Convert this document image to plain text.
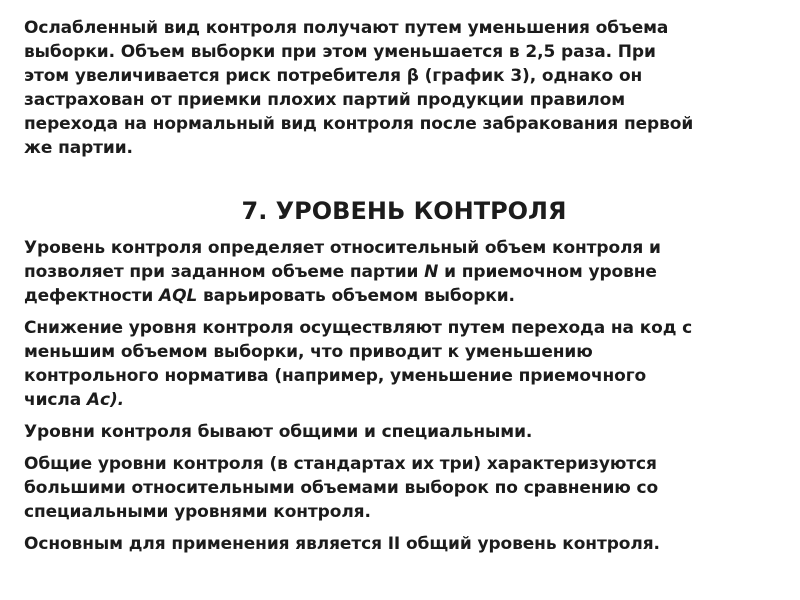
Ослабленный вид контроля получают путем уменьшения объема
выборки. Объем выборки при этом уменьшается в 2,5 раза. При
этом увеличивается риск потребителя β (график 3), однако он
застрахован от приемки плохих партий продукции правилом
перехода на нормальный вид контроля после забракования первой
же партии.

7. УРОВЕНЬ КОНТРОЛЯ

Уровень контроля определяет относительный объем контроля и
позволяет при заданном объеме партии N и приемочном уровне
дефектности AQL варьировать объемом выборки.

Снижение уровня контроля осуществляют путем перехода на код с
меньшим объемом выборки, что приводит к уменьшению
контрольного норматива (например, уменьшение приемочного
числа Ас).

Уровни контроля бывают общими и специальными.

Общие уровни контроля (в стандартах их три) характеризуются
большими относительными объемами выборок по сравнению со
специальными уровнями контроля.

Основным для применения является II общий уровень контроля.
